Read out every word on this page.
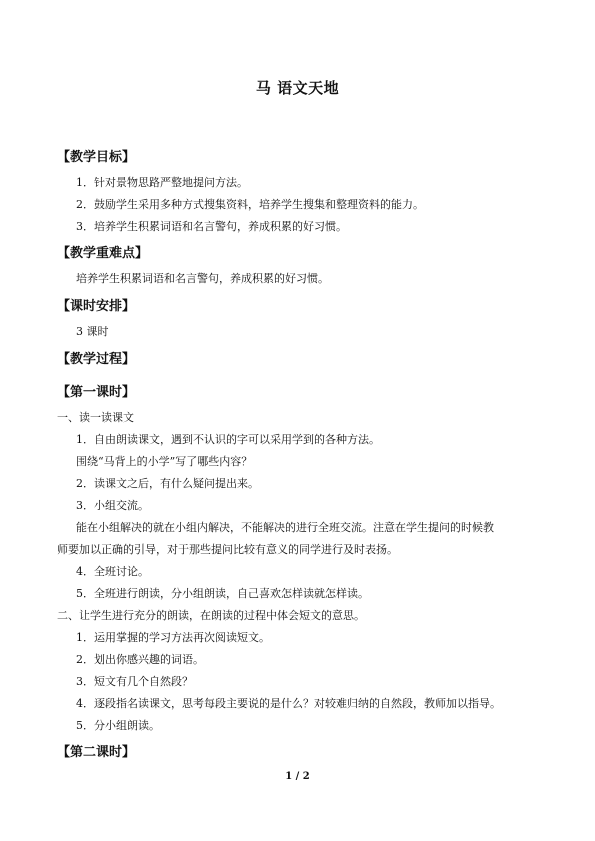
马 语文天地
【教学目标】
1．针对景物思路严整地提问方法。
2．鼓励学生采用多种方式搜集资料，培养学生搜集和整理资料的能力。
3．培养学生积累词语和名言警句，养成积累的好习惯。
【教学重难点】
培养学生积累词语和名言警句，养成积累的好习惯。
【课时安排】
3 课时
【教学过程】
【第一课时】
一、读一读课文
1．自由朗读课文，遇到不认识的字可以采用学到的各种方法。
围绕“马背上的小学”写了哪些内容？
2．读课文之后，有什么疑问提出来。
3．小组交流。
能在小组解决的就在小组内解决，不能解决的进行全班交流。注意在学生提问的时候教
师要加以正确的引导，对于那些提问比较有意义的同学进行及时表扬。
4．全班讨论。
5．全班进行朗读，分小组朗读，自己喜欢怎样读就怎样读。
二、让学生进行充分的朗读，在朗读的过程中体会短文的意思。
1．运用掌握的学习方法再次阅读短文。
2．划出你感兴趣的词语。
3．短文有几个自然段？
4．逐段指名读课文，思考每段主要说的是什么？对较难归纳的自然段，教师加以指导。
5．分小组朗读。
【第二课时】
1 / 2
